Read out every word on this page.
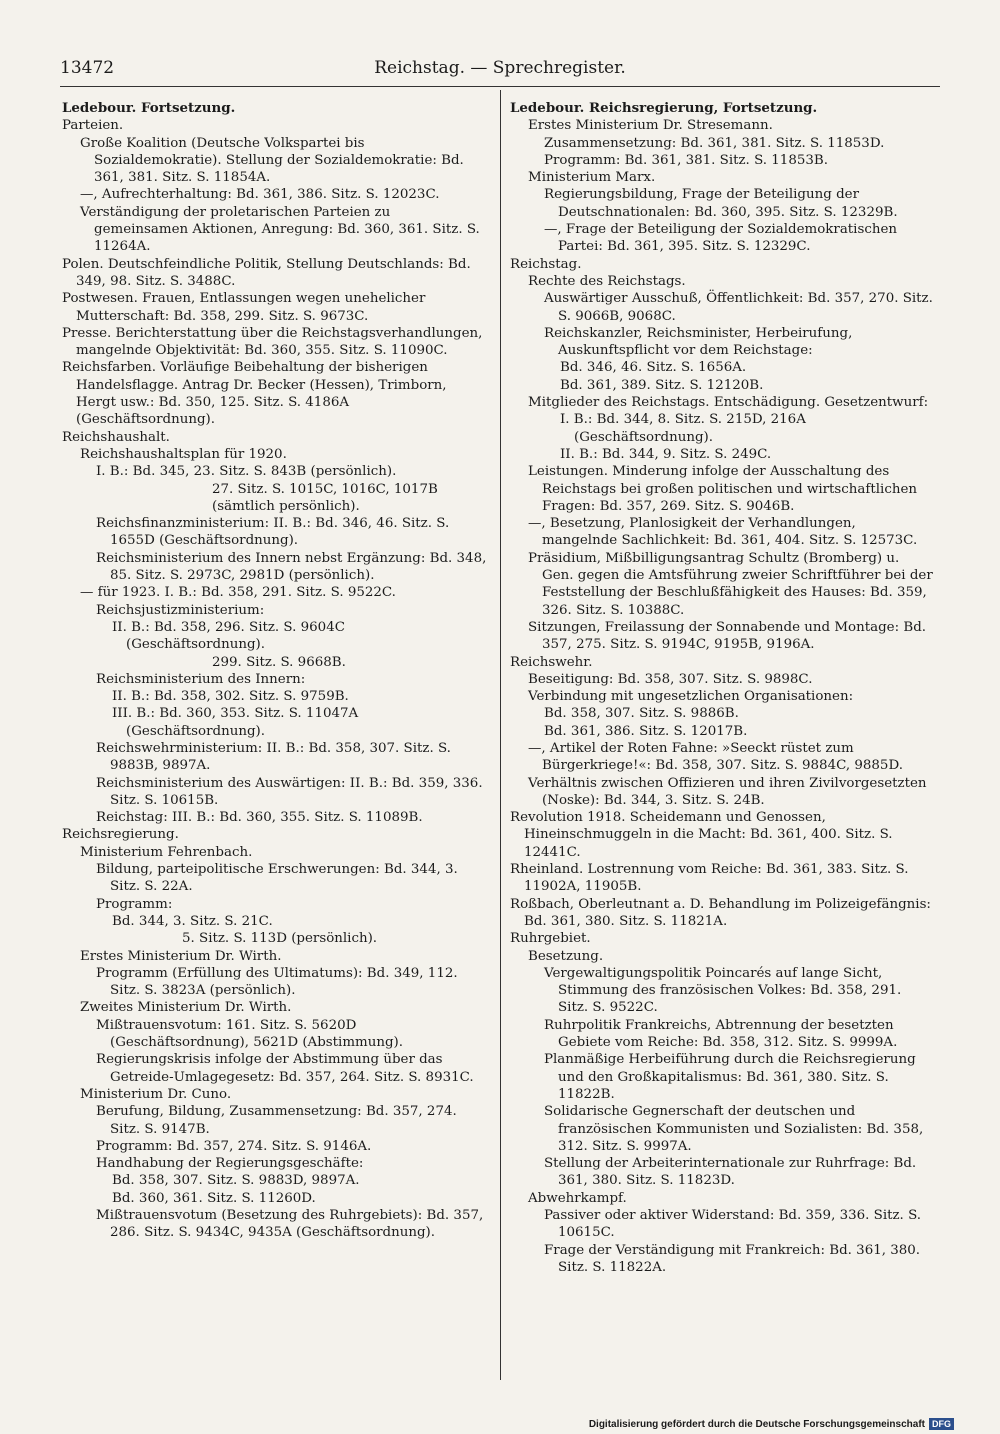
13472	Reichstag. — Sprechregister.

Ledebour. Fortsetzung.

Parteien.

Große Koalition (Deutsche Volkspartei bis Sozialdemokratie). Stellung der Sozialdemokratie: Bd. 361, 381. Sitz. S. 11854A.

—, Aufrechterhaltung: Bd. 361, 386. Sitz. S. 12023C.

Verständigung der proletarischen Parteien zu gemeinsamen Aktionen, Anregung: Bd. 360, 361. Sitz. S. 11264A.

Polen. Deutschfeindliche Politik, Stellung Deutschlands: Bd. 349, 98. Sitz. S. 3488C.

Postwesen. Frauen, Entlassungen wegen unehelicher Mutterschaft: Bd. 358, 299. Sitz. S. 9673C.

Presse. Berichterstattung über die Reichstagsverhandlungen, mangelnde Objektivität: Bd. 360, 355. Sitz. S. 11090C.

Reichsfarben. Vorläufige Beibehaltung der bisherigen Handelsflagge. Antrag Dr. Becker (Hessen), Trimborn, Hergt usw.: Bd. 350, 125. Sitz. S. 4186A (Geschäftsordnung).

Reichshaushalt.

Reichshaushaltsplan für 1920.

I. B.: Bd. 345, 23. Sitz. S. 843B (persönlich).

27. Sitz. S. 1015C, 1016C, 1017B (sämtlich persönlich).

Reichsfinanzministerium: II. B.: Bd. 346, 46. Sitz. S. 1655D (Geschäftsordnung).

Reichsministerium des Innern nebst Ergänzung: Bd. 348, 85. Sitz. S. 2973C, 2981D (persönlich).

— für 1923. I. B.: Bd. 358, 291. Sitz. S. 9522C.

Reichsjustizministerium:

II. B.: Bd. 358, 296. Sitz. S. 9604C (Geschäftsordnung).

299. Sitz. S. 9668B.

Reichsministerium des Innern:

II. B.: Bd. 358, 302. Sitz. S. 9759B.

III. B.: Bd. 360, 353. Sitz. S. 11047A (Geschäftsordnung).

Reichswehrministerium: II. B.: Bd. 358, 307. Sitz. S. 9883B, 9897A.

Reichsministerium des Auswärtigen: II. B.: Bd. 359, 336. Sitz. S. 10615B.

Reichstag: III. B.: Bd. 360, 355. Sitz. S. 11089B.

Reichsregierung.

Ministerium Fehrenbach.

Bildung, parteipolitische Erschwerungen: Bd. 344, 3. Sitz. S. 22A.

Programm:

Bd. 344, 3. Sitz. S. 21C.

5. Sitz. S. 113D (persönlich).

Erstes Ministerium Dr. Wirth.

Programm (Erfüllung des Ultimatums): Bd. 349, 112. Sitz. S. 3823A (persönlich).

Zweites Ministerium Dr. Wirth.

Mißtrauensvotum: 161. Sitz. S. 5620D (Geschäftsordnung), 5621D (Abstimmung).

Regierungskrisis infolge der Abstimmung über das Getreide-Umlagegesetz: Bd. 357, 264. Sitz. S. 8931C.

Ministerium Dr. Cuno.

Berufung, Bildung, Zusammensetzung: Bd. 357, 274. Sitz. S. 9147B.

Programm: Bd. 357, 274. Sitz. S. 9146A.

Handhabung der Regierungsgeschäfte:

Bd. 358, 307. Sitz. S. 9883D, 9897A.

Bd. 360, 361. Sitz. S. 11260D.

Mißtrauensvotum (Besetzung des Ruhrgebiets): Bd. 357, 286. Sitz. S. 9434C, 9435A (Geschäftsordnung).

Ledebour. Reichsregierung, Fortsetzung.

Erstes Ministerium Dr. Stresemann.

Zusammensetzung: Bd. 361, 381. Sitz. S. 11853D.

Programm: Bd. 361, 381. Sitz. S. 11853B.

Ministerium Marx.

Regierungsbildung, Frage der Beteiligung der Deutschnationalen: Bd. 360, 395. Sitz. S. 12329B.

—, Frage der Beteiligung der Sozialdemokratischen Partei: Bd. 361, 395. Sitz. S. 12329C.

Reichstag.

Rechte des Reichstags.

Auswärtiger Ausschuß, Öffentlichkeit: Bd. 357, 270. Sitz. S. 9066B, 9068C.

Reichskanzler, Reichsminister, Herbeirufung, Auskunftspflicht vor dem Reichstage:

Bd. 346, 46. Sitz. S. 1656A.

Bd. 361, 389. Sitz. S. 12120B.

Mitglieder des Reichstags. Entschädigung. Gesetzentwurf:

I. B.: Bd. 344, 8. Sitz. S. 215D, 216A (Geschäftsordnung).

II. B.: Bd. 344, 9. Sitz. S. 249C.

Leistungen. Minderung infolge der Ausschaltung des Reichstags bei großen politischen und wirtschaftlichen Fragen: Bd. 357, 269. Sitz. S. 9046B.

—, Besetzung, Planlosigkeit der Verhandlungen, mangelnde Sachlichkeit: Bd. 361, 404. Sitz. S. 12573C.

Präsidium, Mißbilligungsantrag Schultz (Bromberg) u. Gen. gegen die Amtsführung zweier Schriftführer bei der Feststellung der Beschlußfähigkeit des Hauses: Bd. 359, 326. Sitz. S. 10388C.

Sitzungen, Freilassung der Sonnabende und Montage: Bd. 357, 275. Sitz. S. 9194C, 9195B, 9196A.

Reichswehr.

Beseitigung: Bd. 358, 307. Sitz. S. 9898C.

Verbindung mit ungesetzlichen Organisationen:

Bd. 358, 307. Sitz. S. 9886B.

Bd. 361, 386. Sitz. S. 12017B.

—, Artikel der Roten Fahne: »Seeckt rüstet zum Bürgerkriege!«: Bd. 358, 307. Sitz. S. 9884C, 9885D.

Verhältnis zwischen Offizieren und ihren Zivilvorgesetzten (Noske): Bd. 344, 3. Sitz. S. 24B.

Revolution 1918. Scheidemann und Genossen, Hineinschmuggeln in die Macht: Bd. 361, 400. Sitz. S. 12441C.

Rheinland. Lostrennung vom Reiche: Bd. 361, 383. Sitz. S. 11902A, 11905B.

Roßbach, Oberleutnant a. D. Behandlung im Polizeigefängnis: Bd. 361, 380. Sitz. S. 11821A.

Ruhrgebiet.

Besetzung.

Vergewaltigungspolitik Poincarés auf lange Sicht, Stimmung des französischen Volkes: Bd. 358, 291. Sitz. S. 9522C.

Ruhrpolitik Frankreichs, Abtrennung der besetzten Gebiete vom Reiche: Bd. 358, 312. Sitz. S. 9999A.

Planmäßige Herbeiführung durch die Reichsregierung und den Großkapitalismus: Bd. 361, 380. Sitz. S. 11822B.

Solidarische Gegnerschaft der deutschen und französischen Kommunisten und Sozialisten: Bd. 358, 312. Sitz. S. 9997A.

Stellung der Arbeiterinternationale zur Ruhrfrage: Bd. 361, 380. Sitz. S. 11823D.

Abwehrkampf.

Passiver oder aktiver Widerstand: Bd. 359, 336. Sitz. S. 10615C.

Frage der Verständigung mit Frankreich: Bd. 361, 380. Sitz. S. 11822A.

Digitalisierung gefördert durch die Deutsche Forschungsgemeinschaft DFG
